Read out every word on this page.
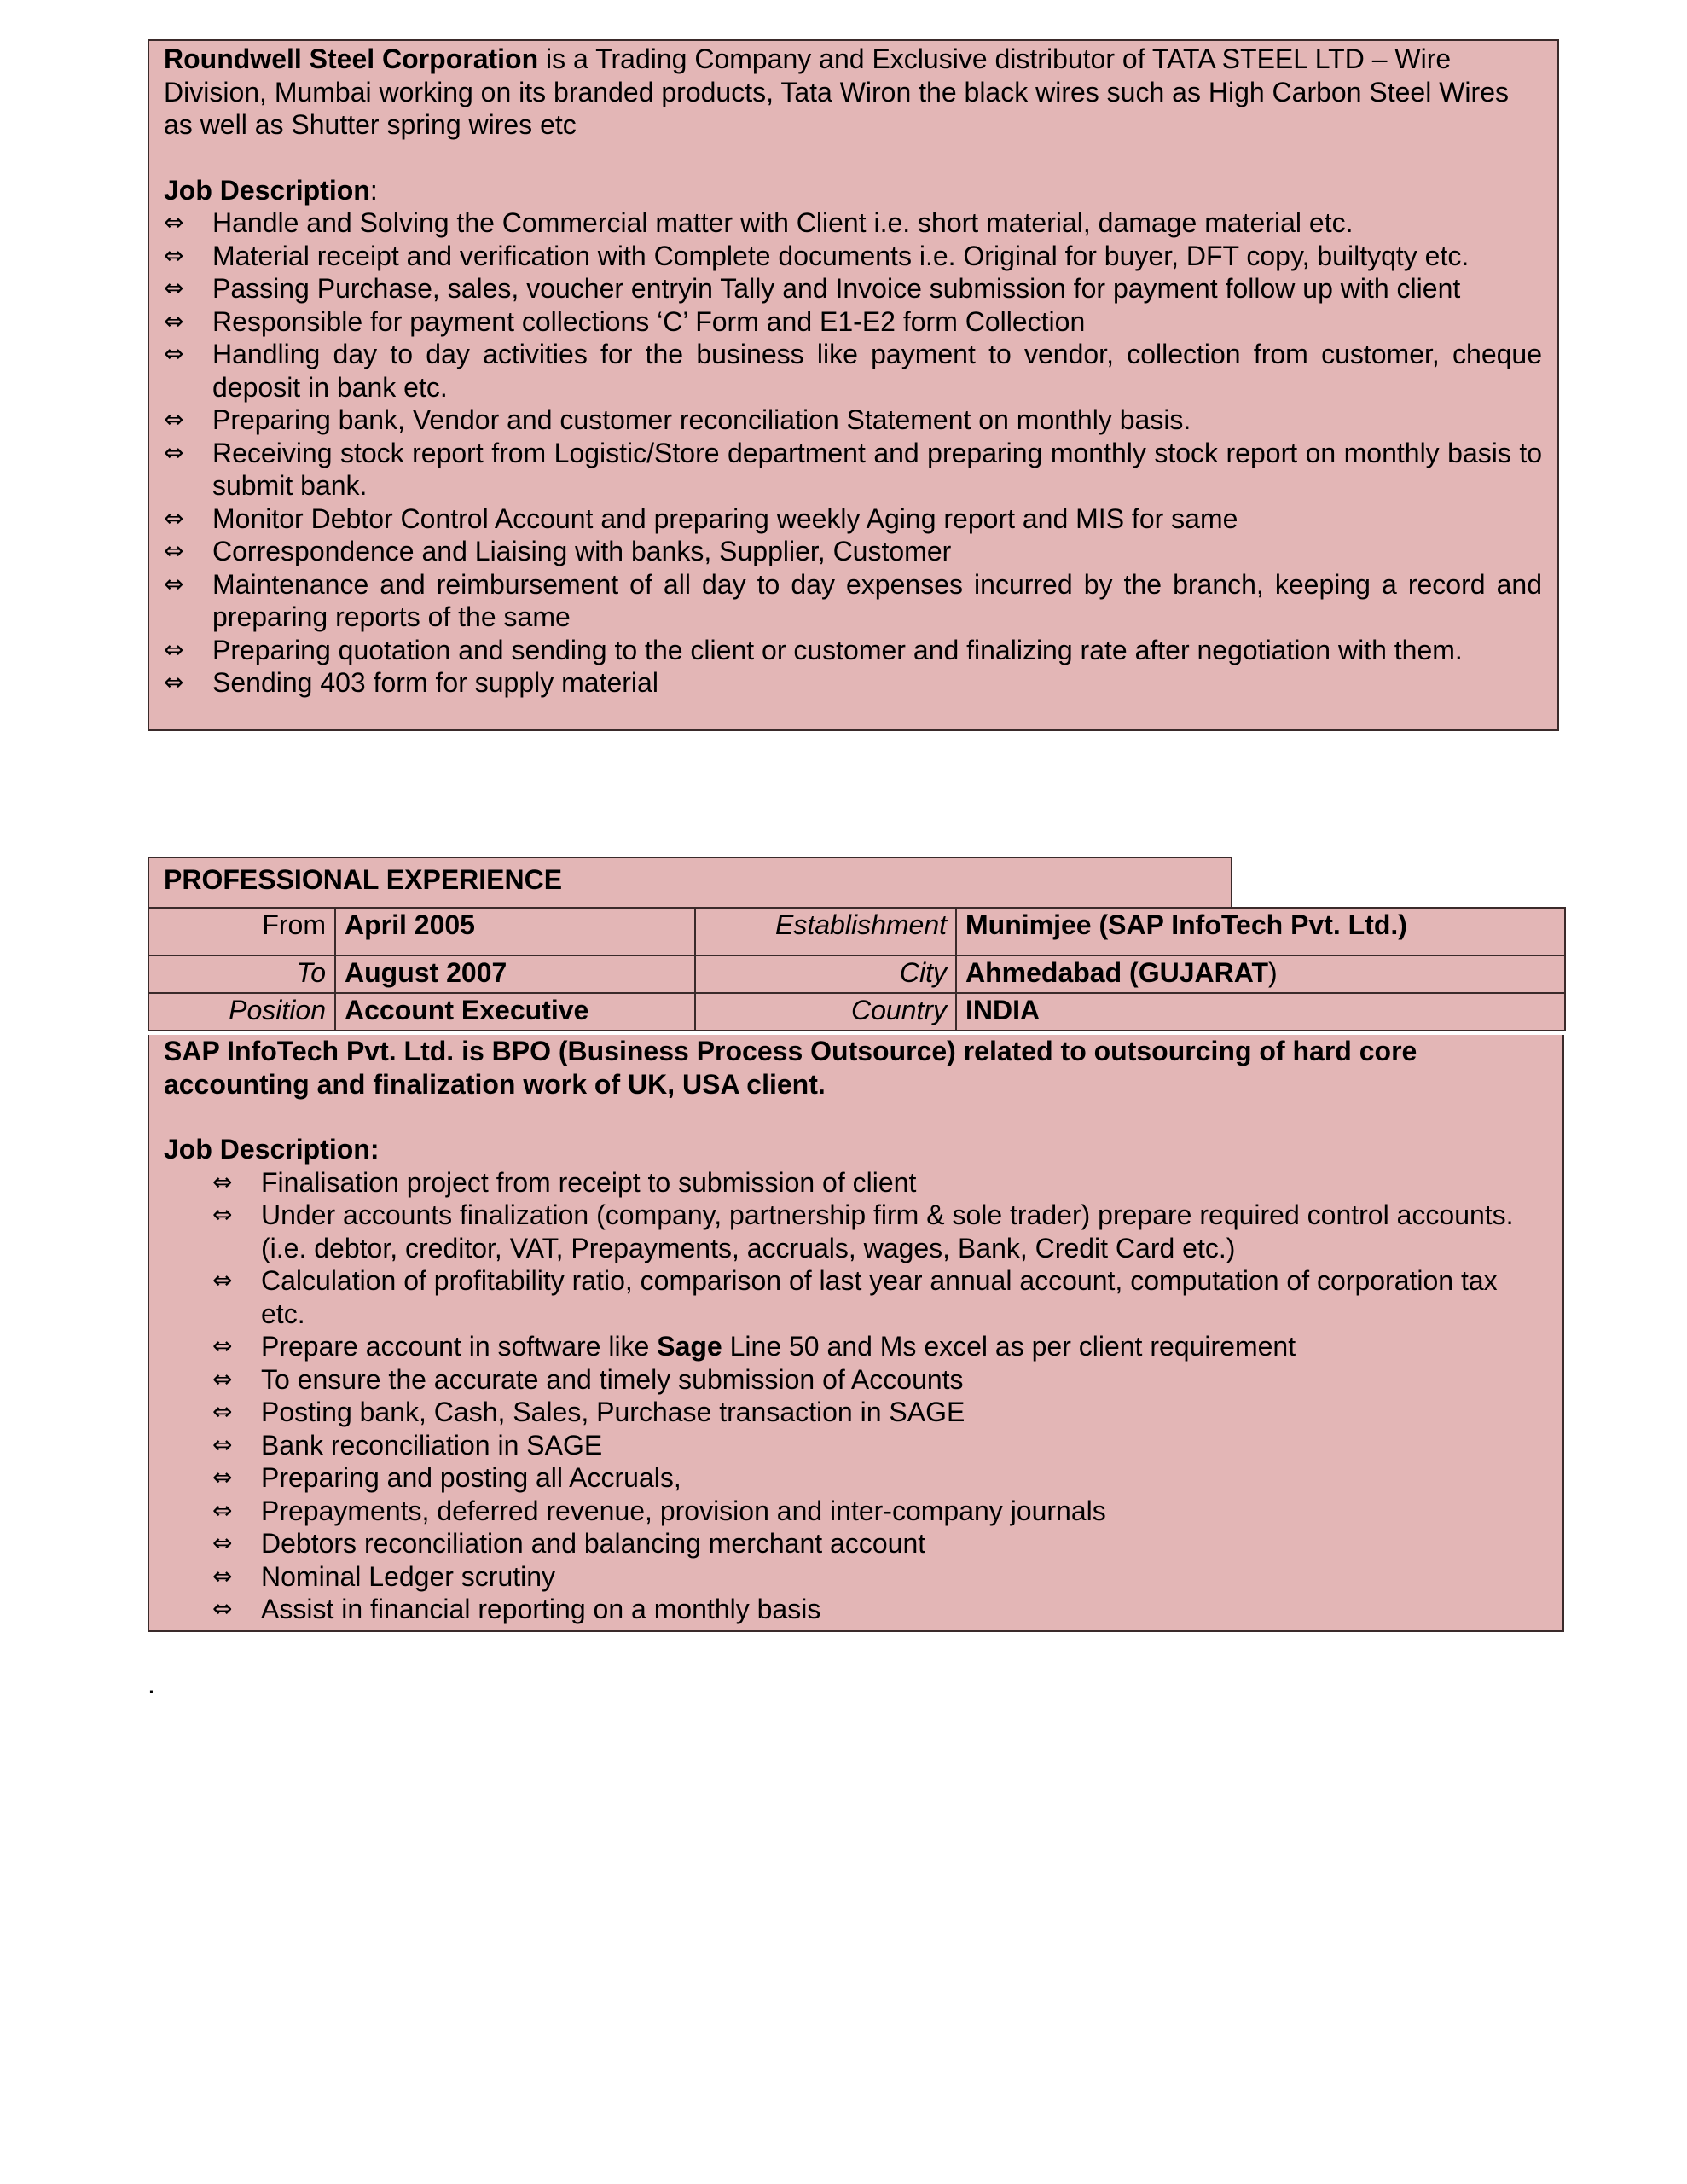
Roundwell Steel Corporation is a Trading Company and Exclusive distributor of TATA STEEL LTD – Wire Division, Mumbai working on its branded products, Tata Wiron the black wires such as High Carbon Steel Wires as well as Shutter spring wires etc
Job Description:
⇔ Handle and Solving the Commercial matter with Client i.e. short material, damage material etc.
⇔ Material receipt and verification with Complete documents i.e. Original for buyer, DFT copy, builtyqty etc.
⇔ Passing Purchase, sales, voucher entryin Tally and Invoice submission for payment follow up with client
⇔ Responsible for payment collections ‘C’ Form and E1-E2 form Collection
⇔ Handling day to day activities for the business like payment to vendor, collection from customer, cheque deposit in bank etc.
⇔ Preparing bank, Vendor and customer reconciliation Statement on monthly basis.
⇔ Receiving stock report from Logistic/Store department and preparing monthly stock report on monthly basis to submit bank.
⇔ Monitor Debtor Control Account and preparing weekly Aging report and MIS for same
⇔ Correspondence and Liaising with banks, Supplier, Customer
⇔ Maintenance and reimbursement of all day to day expenses incurred by the branch, keeping a record and preparing reports of the same
⇔ Preparing quotation and sending to the client or customer and finalizing rate after negotiation with them.
⇔ Sending 403 form for supply material
PROFESSIONAL EXPERIENCE
From	April 2005	Establishment	Munimjee (SAP InfoTech Pvt. Ltd.)
To	August 2007	City	Ahmedabad (GUJARAT)
Position	Account Executive	Country	INDIA
SAP InfoTech Pvt. Ltd. is BPO (Business Process Outsource) related to outsourcing of hard core accounting and finalization work of UK, USA client.
Job Description:
⇔ Finalisation project from receipt to submission of client
⇔ Under accounts finalization (company, partnership firm & sole trader) prepare required control accounts. (i.e. debtor, creditor, VAT, Prepayments, accruals, wages, Bank, Credit Card etc.)
⇔ Calculation of profitability ratio, comparison of last year annual account, computation of corporation tax etc.
⇔ Prepare account in software like Sage Line 50 and Ms excel as per client requirement
⇔ To ensure the accurate and timely submission of Accounts
⇔ Posting bank, Cash, Sales, Purchase transaction in SAGE
⇔ Bank reconciliation in SAGE
⇔ Preparing and posting all Accruals,
⇔ Prepayments, deferred revenue, provision and inter-company journals
⇔ Debtors reconciliation and balancing merchant account
⇔ Nominal Ledger scrutiny
⇔ Assist in financial reporting on a monthly basis
.
